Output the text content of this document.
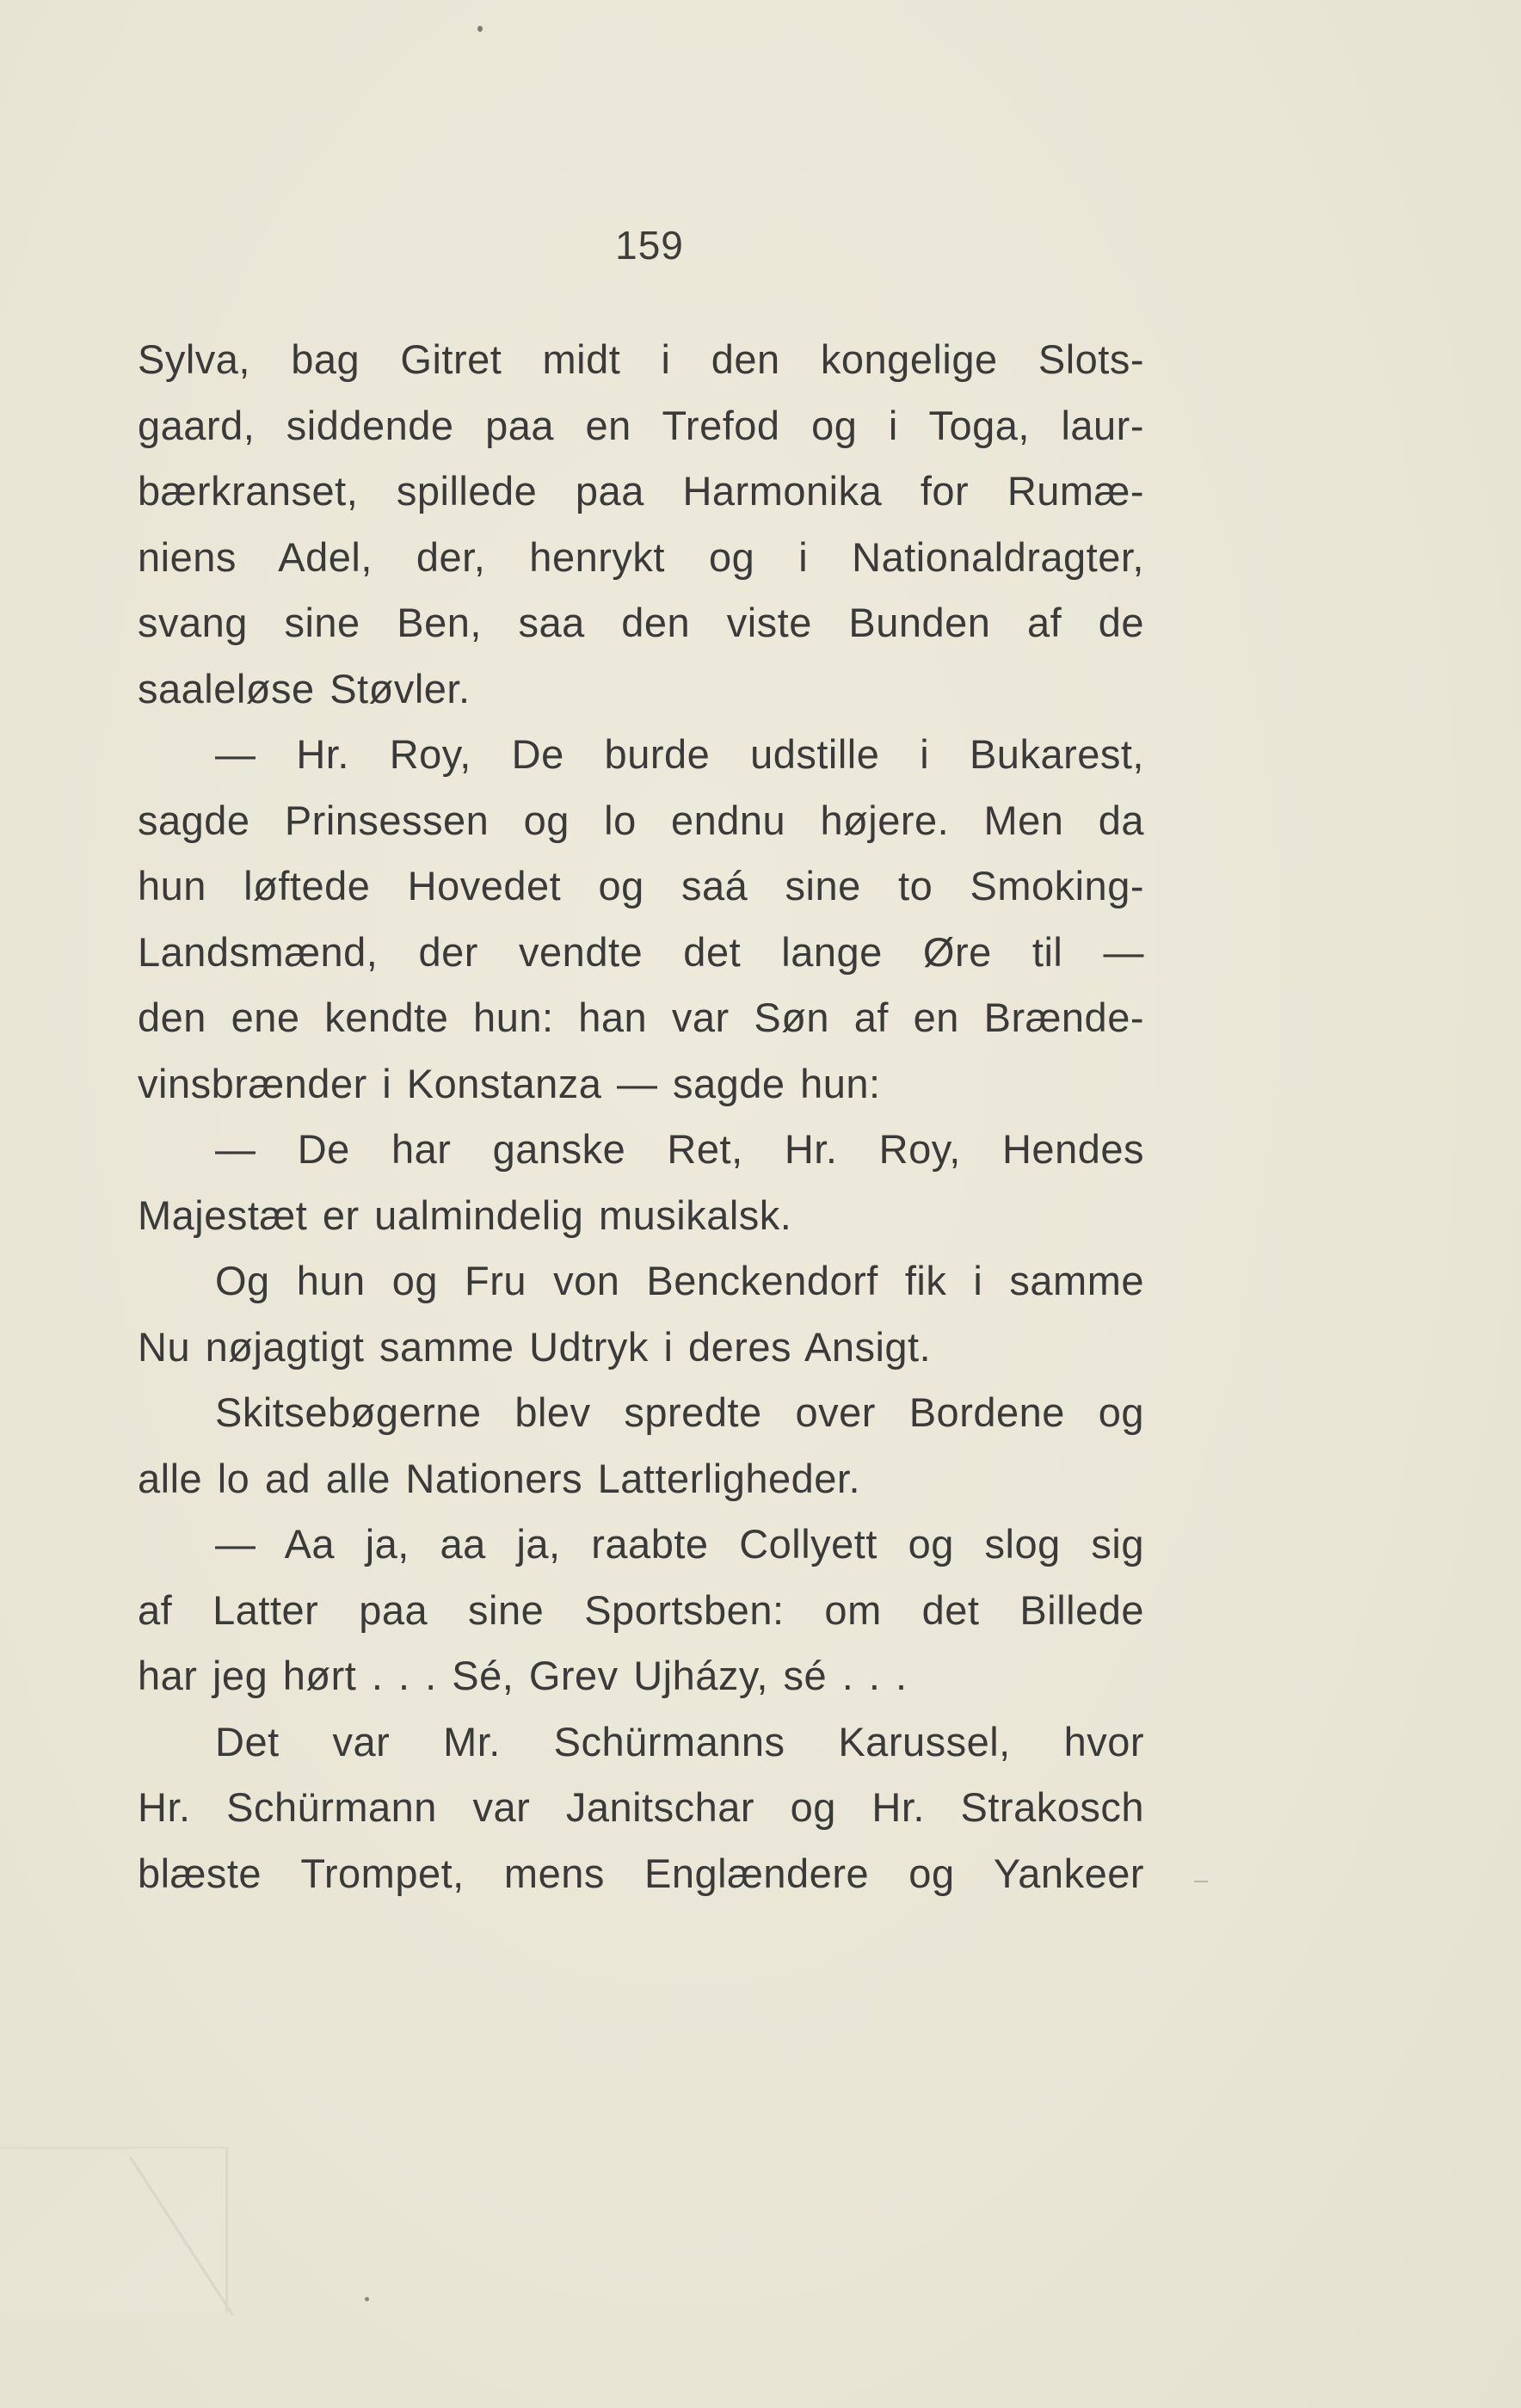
159
Sylva, bag Gitret midt i den kongelige Slots-
gaard, siddende paa en Trefod og i Toga, laur-
bærkranset, spillede paa Harmonika for Rumæ-
niens Adel, der, henrykt og i Nationaldragter,
svang sine Ben, saa den viste Bunden af de
saaleløse Støvler.
— Hr. Roy, De burde udstille i Bukarest,
sagde Prinsessen og lo endnu højere. Men da
hun løftede Hovedet og saá sine to Smoking-
Landsmænd, der vendte det lange Øre til —
den ene kendte hun: han var Søn af en Brænde-
vinsbrænder i Konstanza — sagde hun:
— De har ganske Ret, Hr. Roy, Hendes
Majestæt er ualmindelig musikalsk.
Og hun og Fru von Benckendorf fik i samme
Nu nøjagtigt samme Udtryk i deres Ansigt.
Skitsebøgerne blev spredte over Bordene og
alle lo ad alle Nationers Latterligheder.
— Aa ja, aa ja, raabte Collyett og slog sig
af Latter paa sine Sportsben: om det Billede
har jeg hørt . . . Sé, Grev Ujházy, sé . . .
Det var Mr. Schürmanns Karussel, hvor
Hr. Schürmann var Janitschar og Hr. Strakosch
blæste Trompet, mens Englændere og Yankeer
